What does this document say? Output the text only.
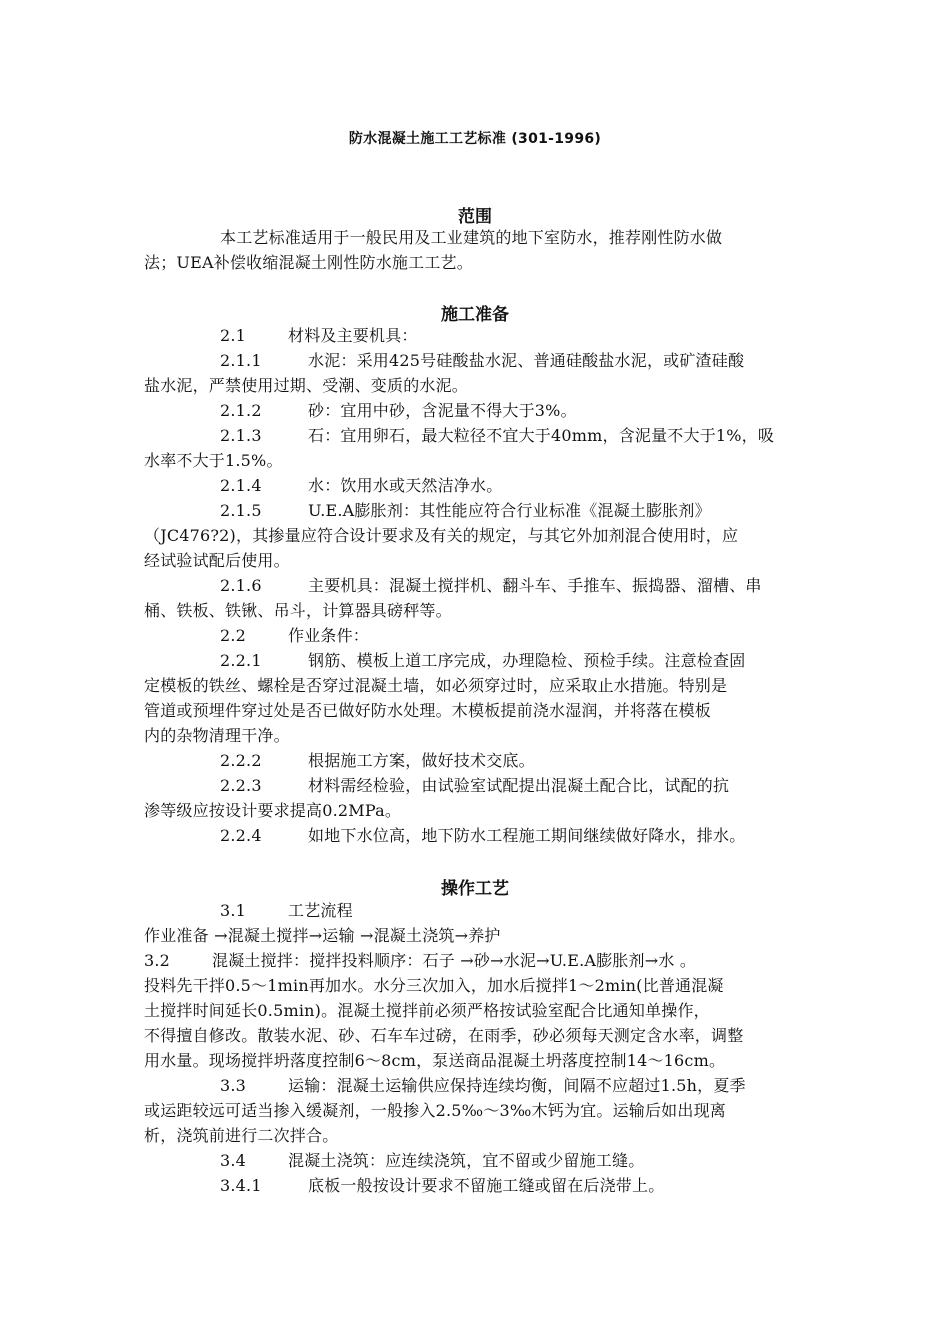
防水混凝土施工工艺标准 (301-1996)
范围
本工艺标准适用于一般民用及工业建筑的地下室防水，推荐刚性防水做
法；UEA补偿收缩混凝土刚性防水施工工艺。
施工准备
2.1	材料及主要机具：
2.1.1	水泥：采用425号硅酸盐水泥、普通硅酸盐水泥，或矿渣硅酸
盐水泥，严禁使用过期、受潮、变质的水泥。
2.1.2	砂：宜用中砂，含泥量不得大于3%。
2.1.3	石：宜用卵石，最大粒径不宜大于40mm，含泥量不大于1%，吸
水率不大于1.5%。
2.1.4	水：饮用水或天然洁净水。
2.1.5	U.E.A膨胀剂：其性能应符合行业标准《混凝土膨胀剂》
（JC476?2)，其掺量应符合设计要求及有关的规定，与其它外加剂混合使用时，应
经试验试配后使用。
2.1.6	主要机具：混凝土搅拌机、翻斗车、手推车、振捣器、溜槽、串
桶、铁板、铁锹、吊斗，计算器具磅秤等。
2.2	作业条件：
2.2.1	钢筋、模板上道工序完成，办理隐检、预检手续。注意检查固
定模板的铁丝、螺栓是否穿过混凝土墙，如必须穿过时，应采取止水措施。特别是
管道或预埋件穿过处是否已做好防水处理。木模板提前浇水湿润，并将落在模板
内的杂物清理干净。
2.2.2	根据施工方案，做好技术交底。
2.2.3	材料需经检验，由试验室试配提出混凝土配合比，试配的抗
渗等级应按设计要求提高0.2MPa。
2.2.4	如地下水位高，地下防水工程施工期间继续做好降水，排水。
操作工艺
3.1	工艺流程
作业准备 →混凝土搅拌→运输 →混凝土浇筑→养护
3.2	混凝土搅拌：搅拌投料顺序：石子 →砂→水泥→U.E.A膨胀剂→水 。
投料先干拌0.5～1min再加水。水分三次加入，加水后搅拌1～2min(比普通混凝
土搅拌时间延长0.5min)。混凝土搅拌前必须严格按试验室配合比通知单操作，
不得擅自修改。散装水泥、砂、石车车过磅，在雨季，砂必须每天测定含水率，调整
用水量。现场搅拌坍落度控制6～8cm，泵送商品混凝土坍落度控制14～16cm。
3.3	运输：混凝土运输供应保持连续均衡，间隔不应超过1.5h，夏季
或运距较远可适当掺入缓凝剂，一般掺入2.5‰～3‰木钙为宜。运输后如出现离
析，浇筑前进行二次拌合。
3.4	混凝土浇筑：应连续浇筑，宜不留或少留施工缝。
3.4.1	底板一般按设计要求不留施工缝或留在后浇带上。
